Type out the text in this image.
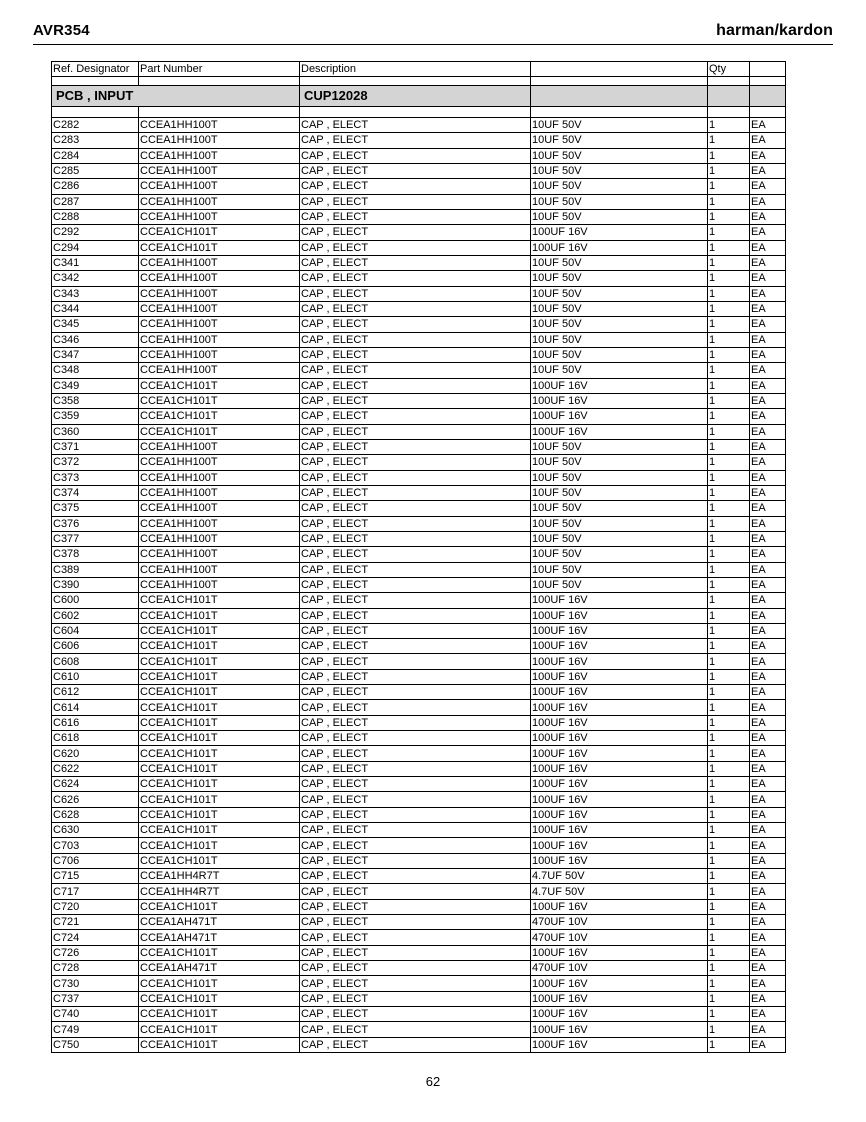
AVR354	harman/kardon
Ref. Designator	Part Number	Description		Qty	

PCB , INPUT		CUP12028			

C282	CCEA1HH100T	CAP , ELECT	10UF 50V	1	EA
C283	CCEA1HH100T	CAP , ELECT	10UF 50V	1	EA
C284	CCEA1HH100T	CAP , ELECT	10UF 50V	1	EA
C285	CCEA1HH100T	CAP , ELECT	10UF 50V	1	EA
C286	CCEA1HH100T	CAP , ELECT	10UF 50V	1	EA
C287	CCEA1HH100T	CAP , ELECT	10UF 50V	1	EA
C288	CCEA1HH100T	CAP , ELECT	10UF 50V	1	EA
C292	CCEA1CH101T	CAP , ELECT	100UF 16V	1	EA
C294	CCEA1CH101T	CAP , ELECT	100UF 16V	1	EA
C341	CCEA1HH100T	CAP , ELECT	10UF 50V	1	EA
C342	CCEA1HH100T	CAP , ELECT	10UF 50V	1	EA
C343	CCEA1HH100T	CAP , ELECT	10UF 50V	1	EA
C344	CCEA1HH100T	CAP , ELECT	10UF 50V	1	EA
C345	CCEA1HH100T	CAP , ELECT	10UF 50V	1	EA
C346	CCEA1HH100T	CAP , ELECT	10UF 50V	1	EA
C347	CCEA1HH100T	CAP , ELECT	10UF 50V	1	EA
C348	CCEA1HH100T	CAP , ELECT	10UF 50V	1	EA
C349	CCEA1CH101T	CAP , ELECT	100UF 16V	1	EA
C358	CCEA1CH101T	CAP , ELECT	100UF 16V	1	EA
C359	CCEA1CH101T	CAP , ELECT	100UF 16V	1	EA
C360	CCEA1CH101T	CAP , ELECT	100UF 16V	1	EA
C371	CCEA1HH100T	CAP , ELECT	10UF 50V	1	EA
C372	CCEA1HH100T	CAP , ELECT	10UF 50V	1	EA
C373	CCEA1HH100T	CAP , ELECT	10UF 50V	1	EA
C374	CCEA1HH100T	CAP , ELECT	10UF 50V	1	EA
C375	CCEA1HH100T	CAP , ELECT	10UF 50V	1	EA
C376	CCEA1HH100T	CAP , ELECT	10UF 50V	1	EA
C377	CCEA1HH100T	CAP , ELECT	10UF 50V	1	EA
C378	CCEA1HH100T	CAP , ELECT	10UF 50V	1	EA
C389	CCEA1HH100T	CAP , ELECT	10UF 50V	1	EA
C390	CCEA1HH100T	CAP , ELECT	10UF 50V	1	EA
C600	CCEA1CH101T	CAP , ELECT	100UF 16V	1	EA
C602	CCEA1CH101T	CAP , ELECT	100UF 16V	1	EA
C604	CCEA1CH101T	CAP , ELECT	100UF 16V	1	EA
C606	CCEA1CH101T	CAP , ELECT	100UF 16V	1	EA
C608	CCEA1CH101T	CAP , ELECT	100UF 16V	1	EA
C610	CCEA1CH101T	CAP , ELECT	100UF 16V	1	EA
C612	CCEA1CH101T	CAP , ELECT	100UF 16V	1	EA
C614	CCEA1CH101T	CAP , ELECT	100UF 16V	1	EA
C616	CCEA1CH101T	CAP , ELECT	100UF 16V	1	EA
C618	CCEA1CH101T	CAP , ELECT	100UF 16V	1	EA
C620	CCEA1CH101T	CAP , ELECT	100UF 16V	1	EA
C622	CCEA1CH101T	CAP , ELECT	100UF 16V	1	EA
C624	CCEA1CH101T	CAP , ELECT	100UF 16V	1	EA
C626	CCEA1CH101T	CAP , ELECT	100UF 16V	1	EA
C628	CCEA1CH101T	CAP , ELECT	100UF 16V	1	EA
C630	CCEA1CH101T	CAP , ELECT	100UF 16V	1	EA
C703	CCEA1CH101T	CAP , ELECT	100UF 16V	1	EA
C706	CCEA1CH101T	CAP , ELECT	100UF 16V	1	EA
C715	CCEA1HH4R7T	CAP , ELECT	4.7UF 50V	1	EA
C717	CCEA1HH4R7T	CAP , ELECT	4.7UF 50V	1	EA
C720	CCEA1CH101T	CAP , ELECT	100UF 16V	1	EA
C721	CCEA1AH471T	CAP , ELECT	470UF 10V	1	EA
C724	CCEA1AH471T	CAP , ELECT	470UF 10V	1	EA
C726	CCEA1CH101T	CAP , ELECT	100UF 16V	1	EA
C728	CCEA1AH471T	CAP , ELECT	470UF 10V	1	EA
C730	CCEA1CH101T	CAP , ELECT	100UF 16V	1	EA
C737	CCEA1CH101T	CAP , ELECT	100UF 16V	1	EA
C740	CCEA1CH101T	CAP , ELECT	100UF 16V	1	EA
C749	CCEA1CH101T	CAP , ELECT	100UF 16V	1	EA
C750	CCEA1CH101T	CAP , ELECT	100UF 16V	1	EA
62
